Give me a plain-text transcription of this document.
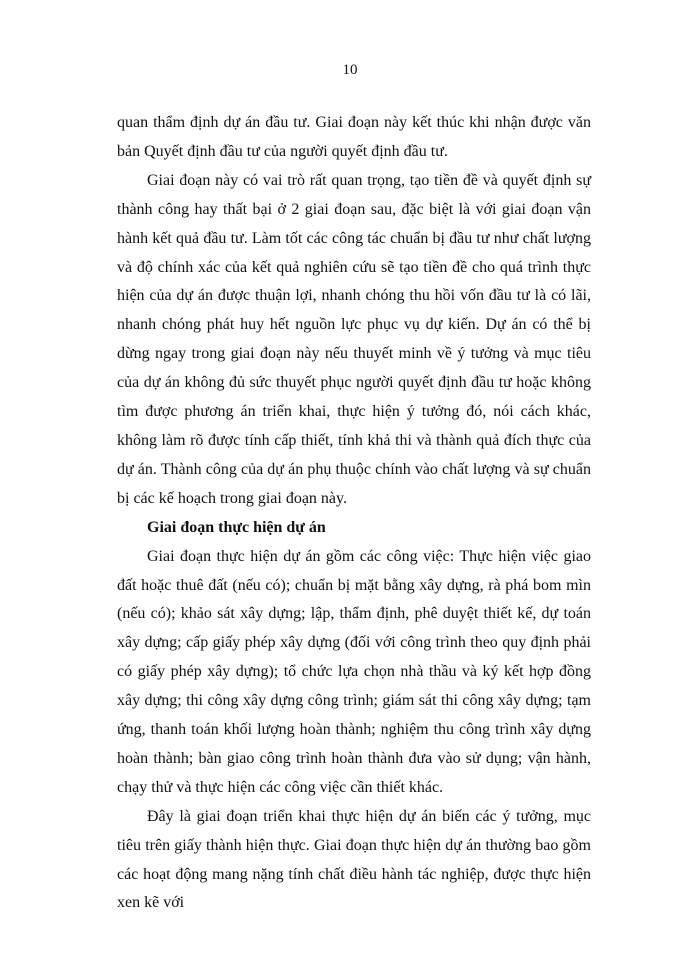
10

quan thẩm định dự án đầu tư. Giai đoạn này kết thúc khi nhận được văn bản Quyết định đầu tư của người quyết định đầu tư.

Giai đoạn này có vai trò rất quan trọng, tạo tiền đề và quyết định sự thành công hay thất bại ở 2 giai đoạn sau, đặc biệt là với giai đoạn vận hành kết quả đầu tư. Làm tốt các công tác chuẩn bị đầu tư như chất lượng và độ chính xác của kết quả nghiên cứu sẽ tạo tiền đề cho quá trình thực hiện của dự án được thuận lợi, nhanh chóng thu hồi vốn đầu tư là có lãi, nhanh chóng phát huy hết nguồn lực phục vụ dự kiến. Dự án có thể bị dừng ngay trong giai đoạn này nếu thuyết minh về ý tưởng và mục tiêu của dự án không đủ sức thuyết phục người quyết định đầu tư hoặc không tìm được phương án triển khai, thực hiện ý tưởng đó, nói cách khác, không làm rõ được tính cấp thiết, tính khả thi và thành quả đích thực của dự án. Thành công của dự án phụ thuộc chính vào chất lượng và sự chuẩn bị các kế hoạch trong giai đoạn này.

Giai đoạn thực hiện dự án

Giai đoạn thực hiện dự án gồm các công việc: Thực hiện việc giao đất hoặc thuê đất (nếu có); chuẩn bị mặt bằng xây dựng, rà phá bom mìn (nếu có); khảo sát xây dựng; lập, thẩm định, phê duyệt thiết kế, dự toán xây dựng; cấp giấy phép xây dựng (đối với công trình theo quy định phải có giấy phép xây dựng); tổ chức lựa chọn nhà thầu và ký kết hợp đồng xây dựng; thi công xây dựng công trình; giám sát thi công xây dựng; tạm ứng, thanh toán khối lượng hoàn thành; nghiệm thu công trình xây dựng hoàn thành; bàn giao công trình hoàn thành đưa vào sử dụng; vận hành, chạy thử và thực hiện các công việc cần thiết khác.

Đây là giai đoạn triển khai thực hiện dự án biến các ý tưởng, mục tiêu trên giấy thành hiện thực. Giai đoạn thực hiện dự án thường bao gồm các hoạt động mang nặng tính chất điều hành tác nghiệp, được thực hiện xen kẽ với
